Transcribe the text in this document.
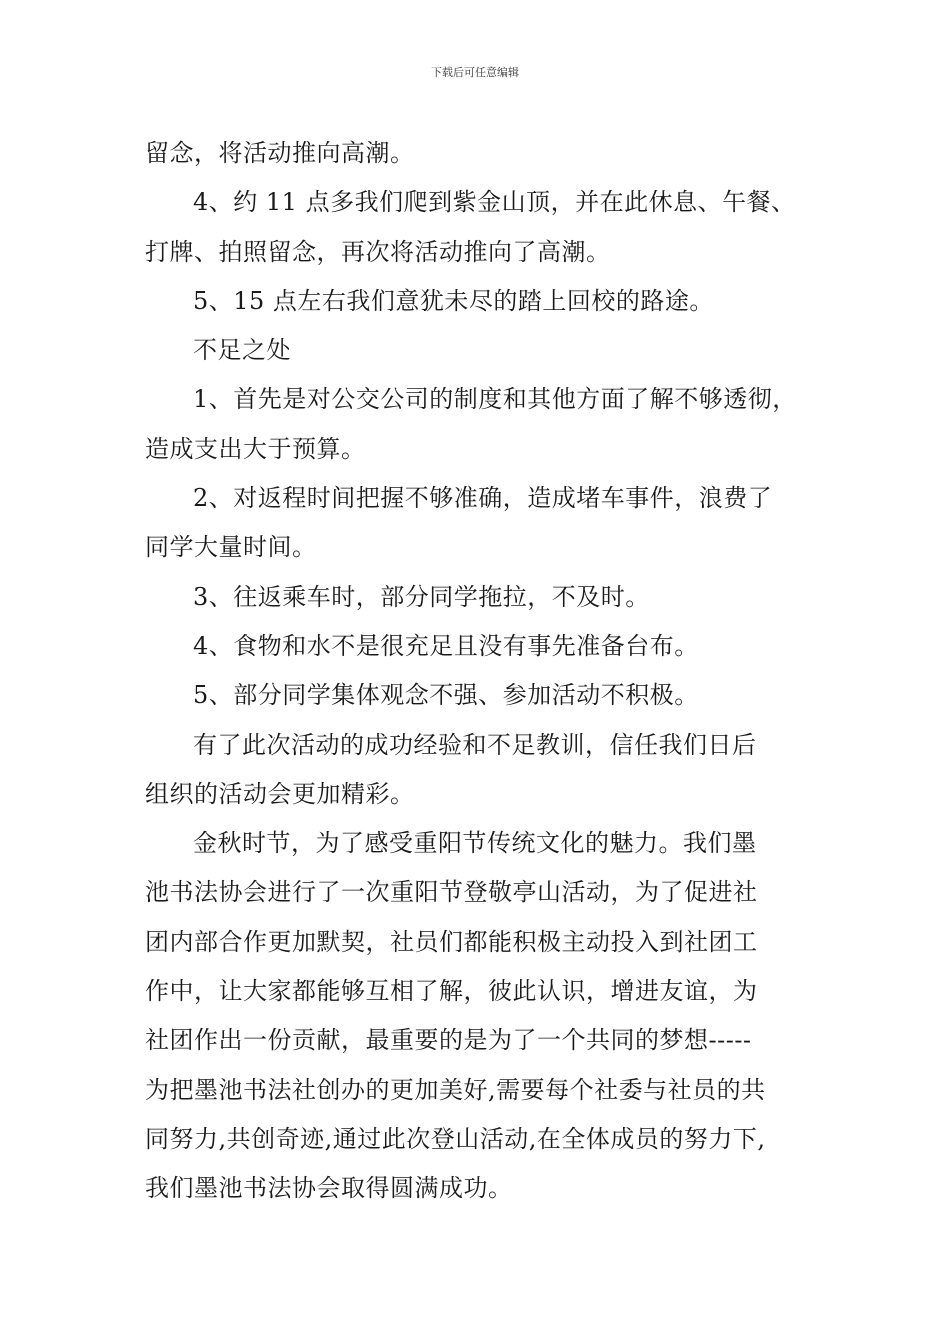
下载后可任意编辑
留念，将活动推向高潮。
4、约 11 点多我们爬到紫金山顶，并在此休息、午餐、
打牌、拍照留念，再次将活动推向了高潮。
5、15 点左右我们意犹未尽的踏上回校的路途。
不足之处
1、首先是对公交公司的制度和其他方面了解不够透彻，
造成支出大于预算。
2、对返程时间把握不够准确，造成堵车事件，浪费了
同学大量时间。
3、往返乘车时，部分同学拖拉，不及时。
4、食物和水不是很充足且没有事先准备台布。
5、部分同学集体观念不强、参加活动不积极。
有了此次活动的成功经验和不足教训，信任我们日后
组织的活动会更加精彩。
金秋时节，为了感受重阳节传统文化的魅力。我们墨
池书法协会进行了一次重阳节登敬亭山活动，为了促进社
团内部合作更加默契，社员们都能积极主动投入到社团工
作中，让大家都能够互相了解，彼此认识，增进友谊，为
社团作出一份贡献，最重要的是为了一个共同的梦想-----
为把墨池书法社创办的更加美好,需要每个社委与社员的共
同努力,共创奇迹,通过此次登山活动,在全体成员的努力下,
我们墨池书法协会取得圆满成功。
